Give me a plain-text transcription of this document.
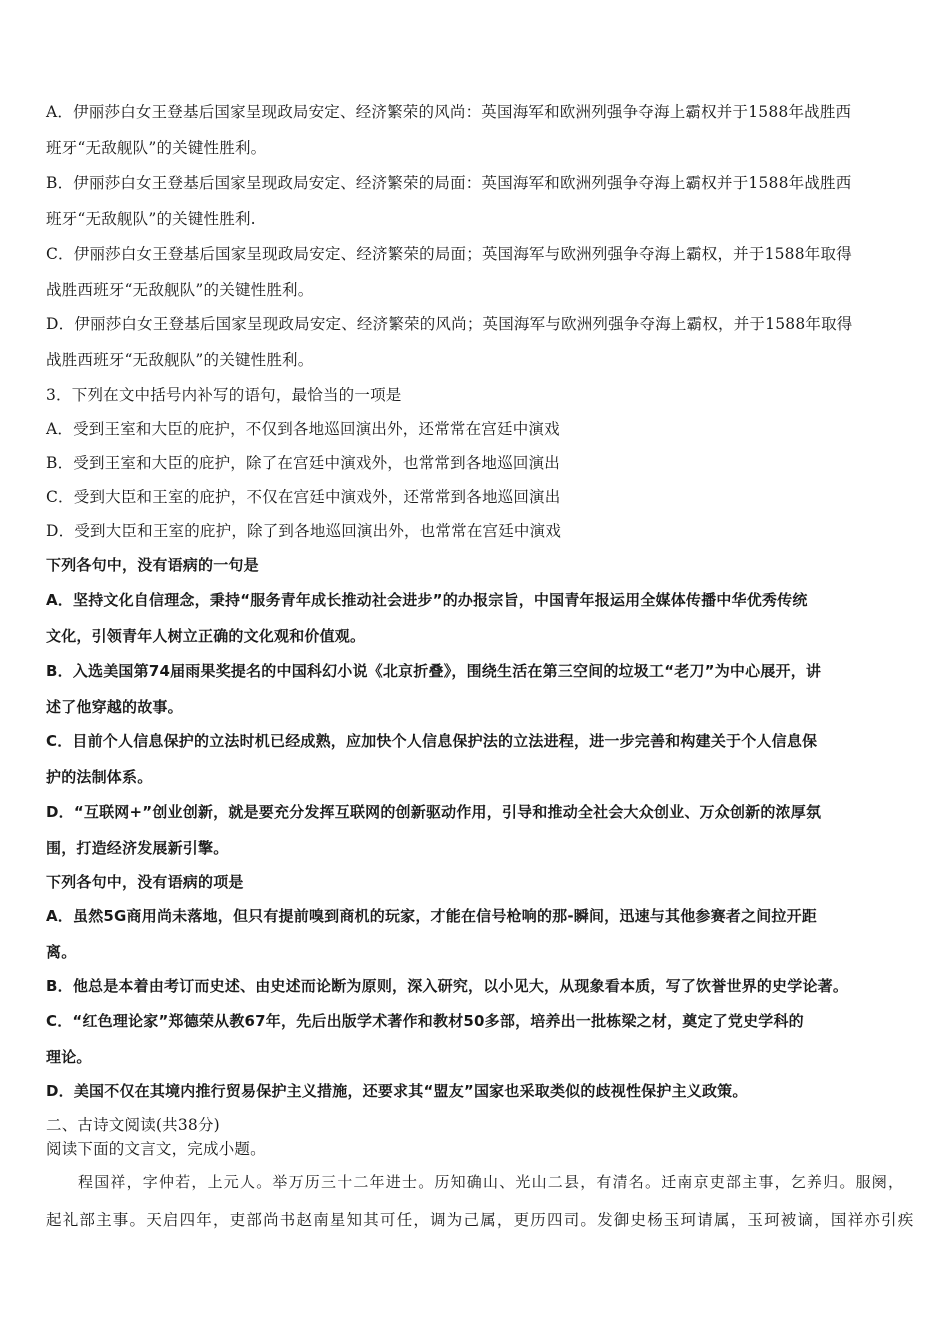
A．伊丽莎白女王登基后国家呈现政局安定、经济繁荣的风尚：英国海军和欧洲列强争夺海上霸权并于1588年战胜西
班牙“无敌舰队”的关键性胜利。
B．伊丽莎白女王登基后国家呈现政局安定、经济繁荣的局面：英国海军和欧洲列强争夺海上霸权并于1588年战胜西
班牙“无敌舰队”的关键性胜利.
C．伊丽莎白女王登基后国家呈现政局安定、经济繁荣的局面；英国海军与欧洲列强争夺海上霸权，并于1588年取得
战胜西班牙“无敌舰队”的关键性胜利。
D．伊丽莎白女王登基后国家呈现政局安定、经济繁荣的风尚；英国海军与欧洲列强争夺海上霸权，并于1588年取得
战胜西班牙“无敌舰队”的关键性胜利。
3．下列在文中括号内补写的语句，最恰当的一项是
A．受到王室和大臣的庇护，不仅到各地巡回演出外，还常常在宫廷中演戏
B．受到王室和大臣的庇护，除了在宫廷中演戏外，也常常到各地巡回演出
C．受到大臣和王室的庇护，不仅在宫廷中演戏外，还常常到各地巡回演出
D．受到大臣和王室的庇护，除了到各地巡回演出外，也常常在宫廷中演戏
下列各句中，没有语病的一句是
A．坚持文化自信理念，秉持“服务青年成长推动社会进步”的办报宗旨，中国青年报运用全媒体传播中华优秀传统
文化，引领青年人树立正确的文化观和价值观。
B．入选美国第74届雨果奖提名的中国科幻小说《北京折叠》，围绕生活在第三空间的垃圾工“老刀”为中心展开，讲
述了他穿越的故事。
C．目前个人信息保护的立法时机已经成熟，应加快个人信息保护法的立法进程，进一步完善和构建关于个人信息保
护的法制体系。
D．“互联网+”创业创新，就是要充分发挥互联网的创新驱动作用，引导和推动全社会大众创业、万众创新的浓厚氛
围，打造经济发展新引擎。
下列各句中，没有语病的项是
A．虽然5G商用尚未落地，但只有提前嗅到商机的玩家，才能在信号枪响的那-瞬间，迅速与其他参赛者之间拉开距
离。
B．他总是本着由考订而史述、由史述而论断为原则，深入研究，以小见大，从现象看本质，写了饮誉世界的史学论著。
C．“红色理论家”郑德荣从教67年，先后出版学术著作和教材50多部，培养出一批栋梁之材，奠定了党史学科的
理论。
D．美国不仅在其境内推行贸易保护主义措施，还要求其“盟友”国家也采取类似的歧视性保护主义政策。
二、古诗文阅读(共38分)
阅读下面的文言文，完成小题。
程国祥，字仲若，上元人。举万历三十二年进士。历知确山、光山二县，有清名。迁南京吏部主事，乞养归。服阕，
起礼部主事。天启四年，吏部尚书赵南星知其可任，调为己属，更历四司。发御史杨玉珂请属，玉珂被谪，国祥亦引疾
